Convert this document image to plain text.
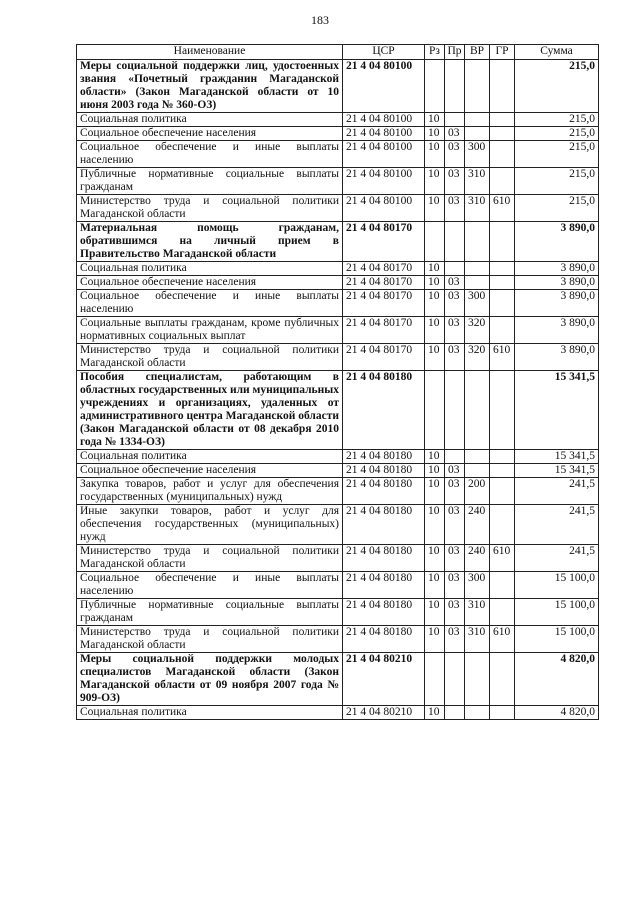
183
Наименование	ЦСР	Рз	Пр	ВР	ГР	Сумма
Меры социальной поддержки лиц, удостоенных звания «Почетный гражданин Магаданской области» (Закон Магаданской области от 10 июня 2003 года № 360-ОЗ)	21 4 04 80100					215,0
Социальная политика	21 4 04 80100	10				215,0
Социальное обеспечение населения	21 4 04 80100	10	03			215,0
Социальное обеспечение и иные выплаты населению	21 4 04 80100	10	03	300		215,0
Публичные нормативные социальные выплаты гражданам	21 4 04 80100	10	03	310		215,0
Министерство труда и социальной политики Магаданской области	21 4 04 80100	10	03	310	610	215,0
Материальная помощь гражданам, обратившимся на личный прием в Правительство Магаданской области	21 4 04 80170					3 890,0
Социальная политика	21 4 04 80170	10				3 890,0
Социальное обеспечение населения	21 4 04 80170	10	03			3 890,0
Социальное обеспечение и иные выплаты населению	21 4 04 80170	10	03	300		3 890,0
Социальные выплаты гражданам, кроме публичных нормативных социальных выплат	21 4 04 80170	10	03	320		3 890,0
Министерство труда и социальной политики Магаданской области	21 4 04 80170	10	03	320	610	3 890,0
Пособия специалистам, работающим в областных государственных или муниципальных учреждениях и организациях, удаленных от административного центра Магаданской области (Закон Магаданской области от 08 декабря 2010 года № 1334-ОЗ)	21 4 04 80180					15 341,5
Социальная политика	21 4 04 80180	10				15 341,5
Социальное обеспечение населения	21 4 04 80180	10	03			15 341,5
Закупка товаров, работ и услуг для обеспечения государственных (муниципальных) нужд	21 4 04 80180	10	03	200		241,5
Иные закупки товаров, работ и услуг для обеспечения государственных (муниципальных) нужд	21 4 04 80180	10	03	240		241,5
Министерство труда и социальной политики Магаданской области	21 4 04 80180	10	03	240	610	241,5
Социальное обеспечение и иные выплаты населению	21 4 04 80180	10	03	300		15 100,0
Публичные нормативные социальные выплаты гражданам	21 4 04 80180	10	03	310		15 100,0
Министерство труда и социальной политики Магаданской области	21 4 04 80180	10	03	310	610	15 100,0
Меры социальной поддержки молодых специалистов Магаданской области (Закон Магаданской области от 09 ноября 2007 года № 909-ОЗ)	21 4 04 80210					4 820,0
Социальная политика	21 4 04 80210	10				4 820,0
